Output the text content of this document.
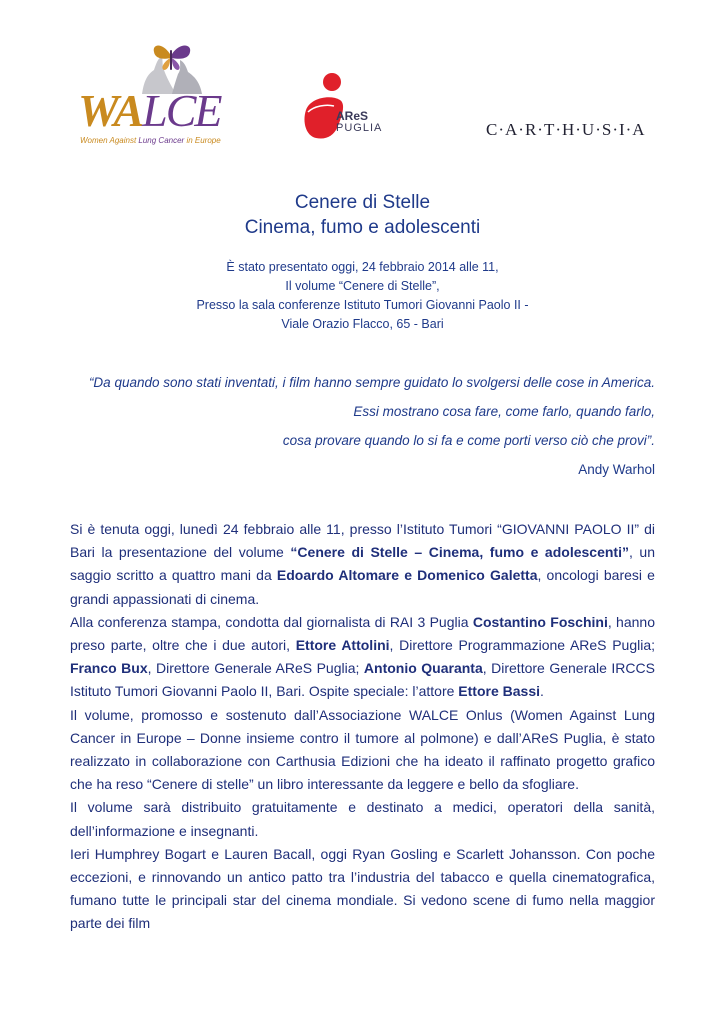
WALCE
Women Against Lung Cancer in Europe
AReS
PUGLIA	C·A·R·T·H·U·S·I·A
Cenere di Stelle
Cinema, fumo e adolescenti
È stato presentato oggi, 24 febbraio 2014 alle 11,
Il volume “Cenere di Stelle”,
Presso la sala conferenze Istituto Tumori Giovanni Paolo II -
Viale Orazio Flacco, 65 - Bari
“Da quando sono stati inventati, i film hanno sempre guidato lo svolgersi delle cose in America.
Essi mostrano cosa fare, come farlo, quando farlo,
cosa provare quando lo si fa e come porti verso ciò che provi”.
Andy Warhol

Si è tenuta oggi, lunedì 24 febbraio alle 11, presso l’Istituto Tumori “GIOVANNI PAOLO II” di Bari la presentazione del volume “Cenere di Stelle – Cinema, fumo e adolescenti”, un saggio scritto a quattro mani da Edoardo Altomare e Domenico Galetta, oncologi baresi e grandi appassionati di cinema.

Alla conferenza stampa, condotta dal giornalista di RAI 3 Puglia Costantino Foschini, hanno preso parte, oltre che i due autori, Ettore Attolini, Direttore Programmazione AReS Puglia; Franco Bux, Direttore Generale AReS Puglia; Antonio Quaranta, Direttore Generale IRCCS Istituto Tumori Giovanni Paolo II, Bari. Ospite speciale: l’attore Ettore Bassi.

Il volume, promosso e sostenuto dall’Associazione WALCE Onlus (Women Against Lung Cancer in Europe – Donne insieme contro il tumore al polmone) e dall’AReS Puglia, è stato realizzato in collaborazione con Carthusia Edizioni che ha ideato il raffinato progetto grafico che ha reso “Cenere di stelle” un libro interessante da leggere e bello da sfogliare.

Il volume sarà distribuito gratuitamente e destinato a medici, operatori della sanità, dell’informazione e insegnanti.

Ieri Humphrey Bogart e Lauren Bacall, oggi Ryan Gosling e Scarlett Johansson. Con poche eccezioni, e rinnovando un antico patto tra l’industria del tabacco e quella cinematografica, fumano tutte le principali star del cinema mondiale. Si vedono scene di fumo nella maggior parte dei film
